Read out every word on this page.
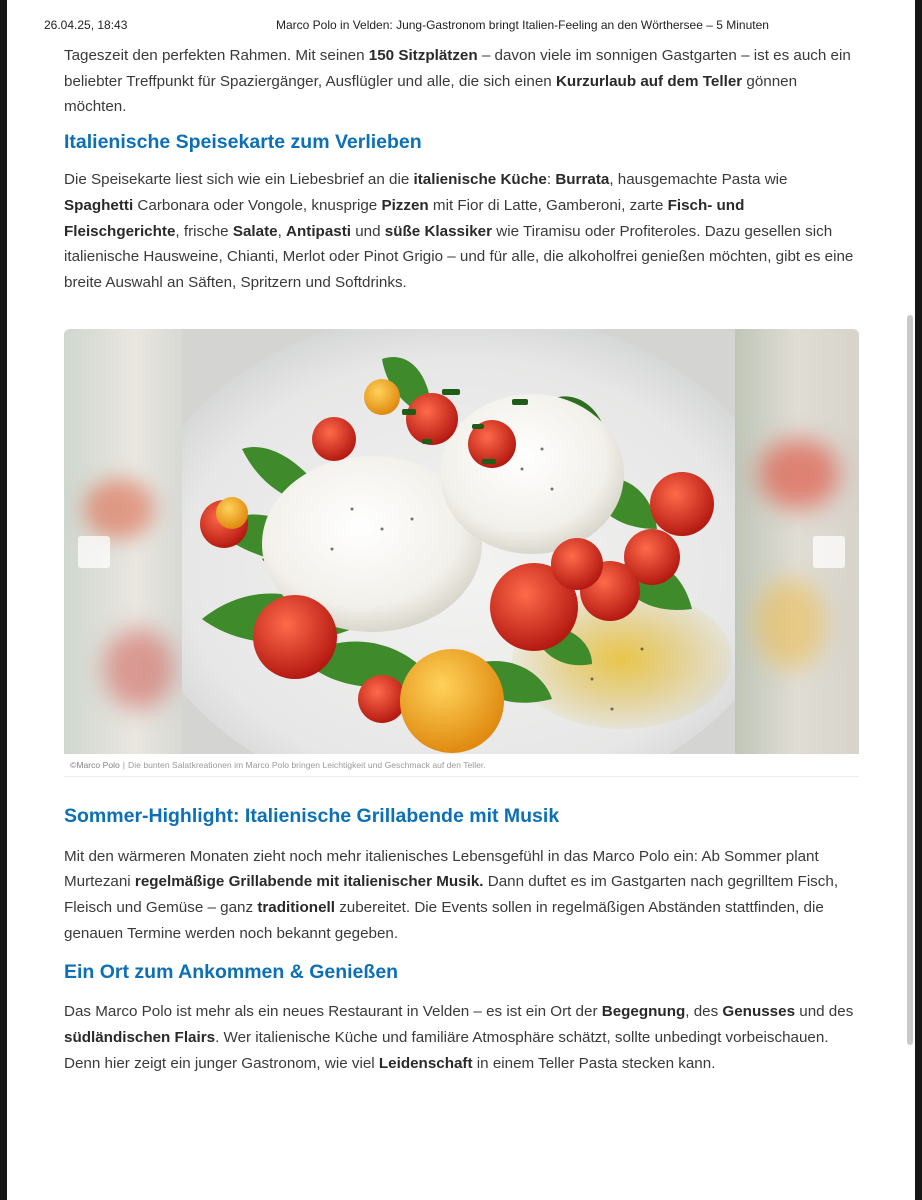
26.04.25, 18:43	Marco Polo in Velden: Jung-Gastronom bringt Italien-Feeling an den Wörthersee – 5 Minuten

Tageszeit den perfekten Rahmen. Mit seinen 150 Sitzplätzen – davon viele im sonnigen Gastgarten – ist es auch ein beliebter Treffpunkt für Spaziergänger, Ausflügler und alle, die sich einen Kurzurlaub auf dem Teller gönnen möchten.

Italienische Speisekarte zum Verlieben

Die Speisekarte liest sich wie ein Liebesbrief an die italienische Küche: Burrata, hausgemachte Pasta wie Spaghetti Carbonara oder Vongole, knusprige Pizzen mit Fior di Latte, Gamberoni, zarte Fisch- und Fleischgerichte, frische Salate, Antipasti und süße Klassiker wie Tiramisu oder Profiteroles. Dazu gesellen sich italienische Hausweine, Chianti, Merlot oder Pinot Grigio – und für alle, die alkoholfrei genießen möchten, gibt es eine breite Auswahl an Säften, Spritzern und Softdrinks.

©Marco Polo | Die bunten Salatkreationen im Marco Polo bringen Leichtigkeit und Geschmack auf den Teller.
Sommer-Highlight: Italienische Grillabende mit Musik

Mit den wärmeren Monaten zieht noch mehr italienisches Lebensgefühl in das Marco Polo ein: Ab Sommer plant Murtezani regelmäßige Grillabende mit italienischer Musik. Dann duftet es im Gastgarten nach gegrilltem Fisch, Fleisch und Gemüse – ganz traditionell zubereitet. Die Events sollen in regelmäßigen Abständen stattfinden, die genauen Termine werden noch bekannt gegeben.

Ein Ort zum Ankommen & Genießen

Das Marco Polo ist mehr als ein neues Restaurant in Velden – es ist ein Ort der Begegnung, des Genusses und des südländischen Flairs. Wer italienische Küche und familiäre Atmosphäre schätzt, sollte unbedingt vorbeischauen. Denn hier zeigt ein junger Gastronom, wie viel Leidenschaft in einem Teller Pasta stecken kann.
